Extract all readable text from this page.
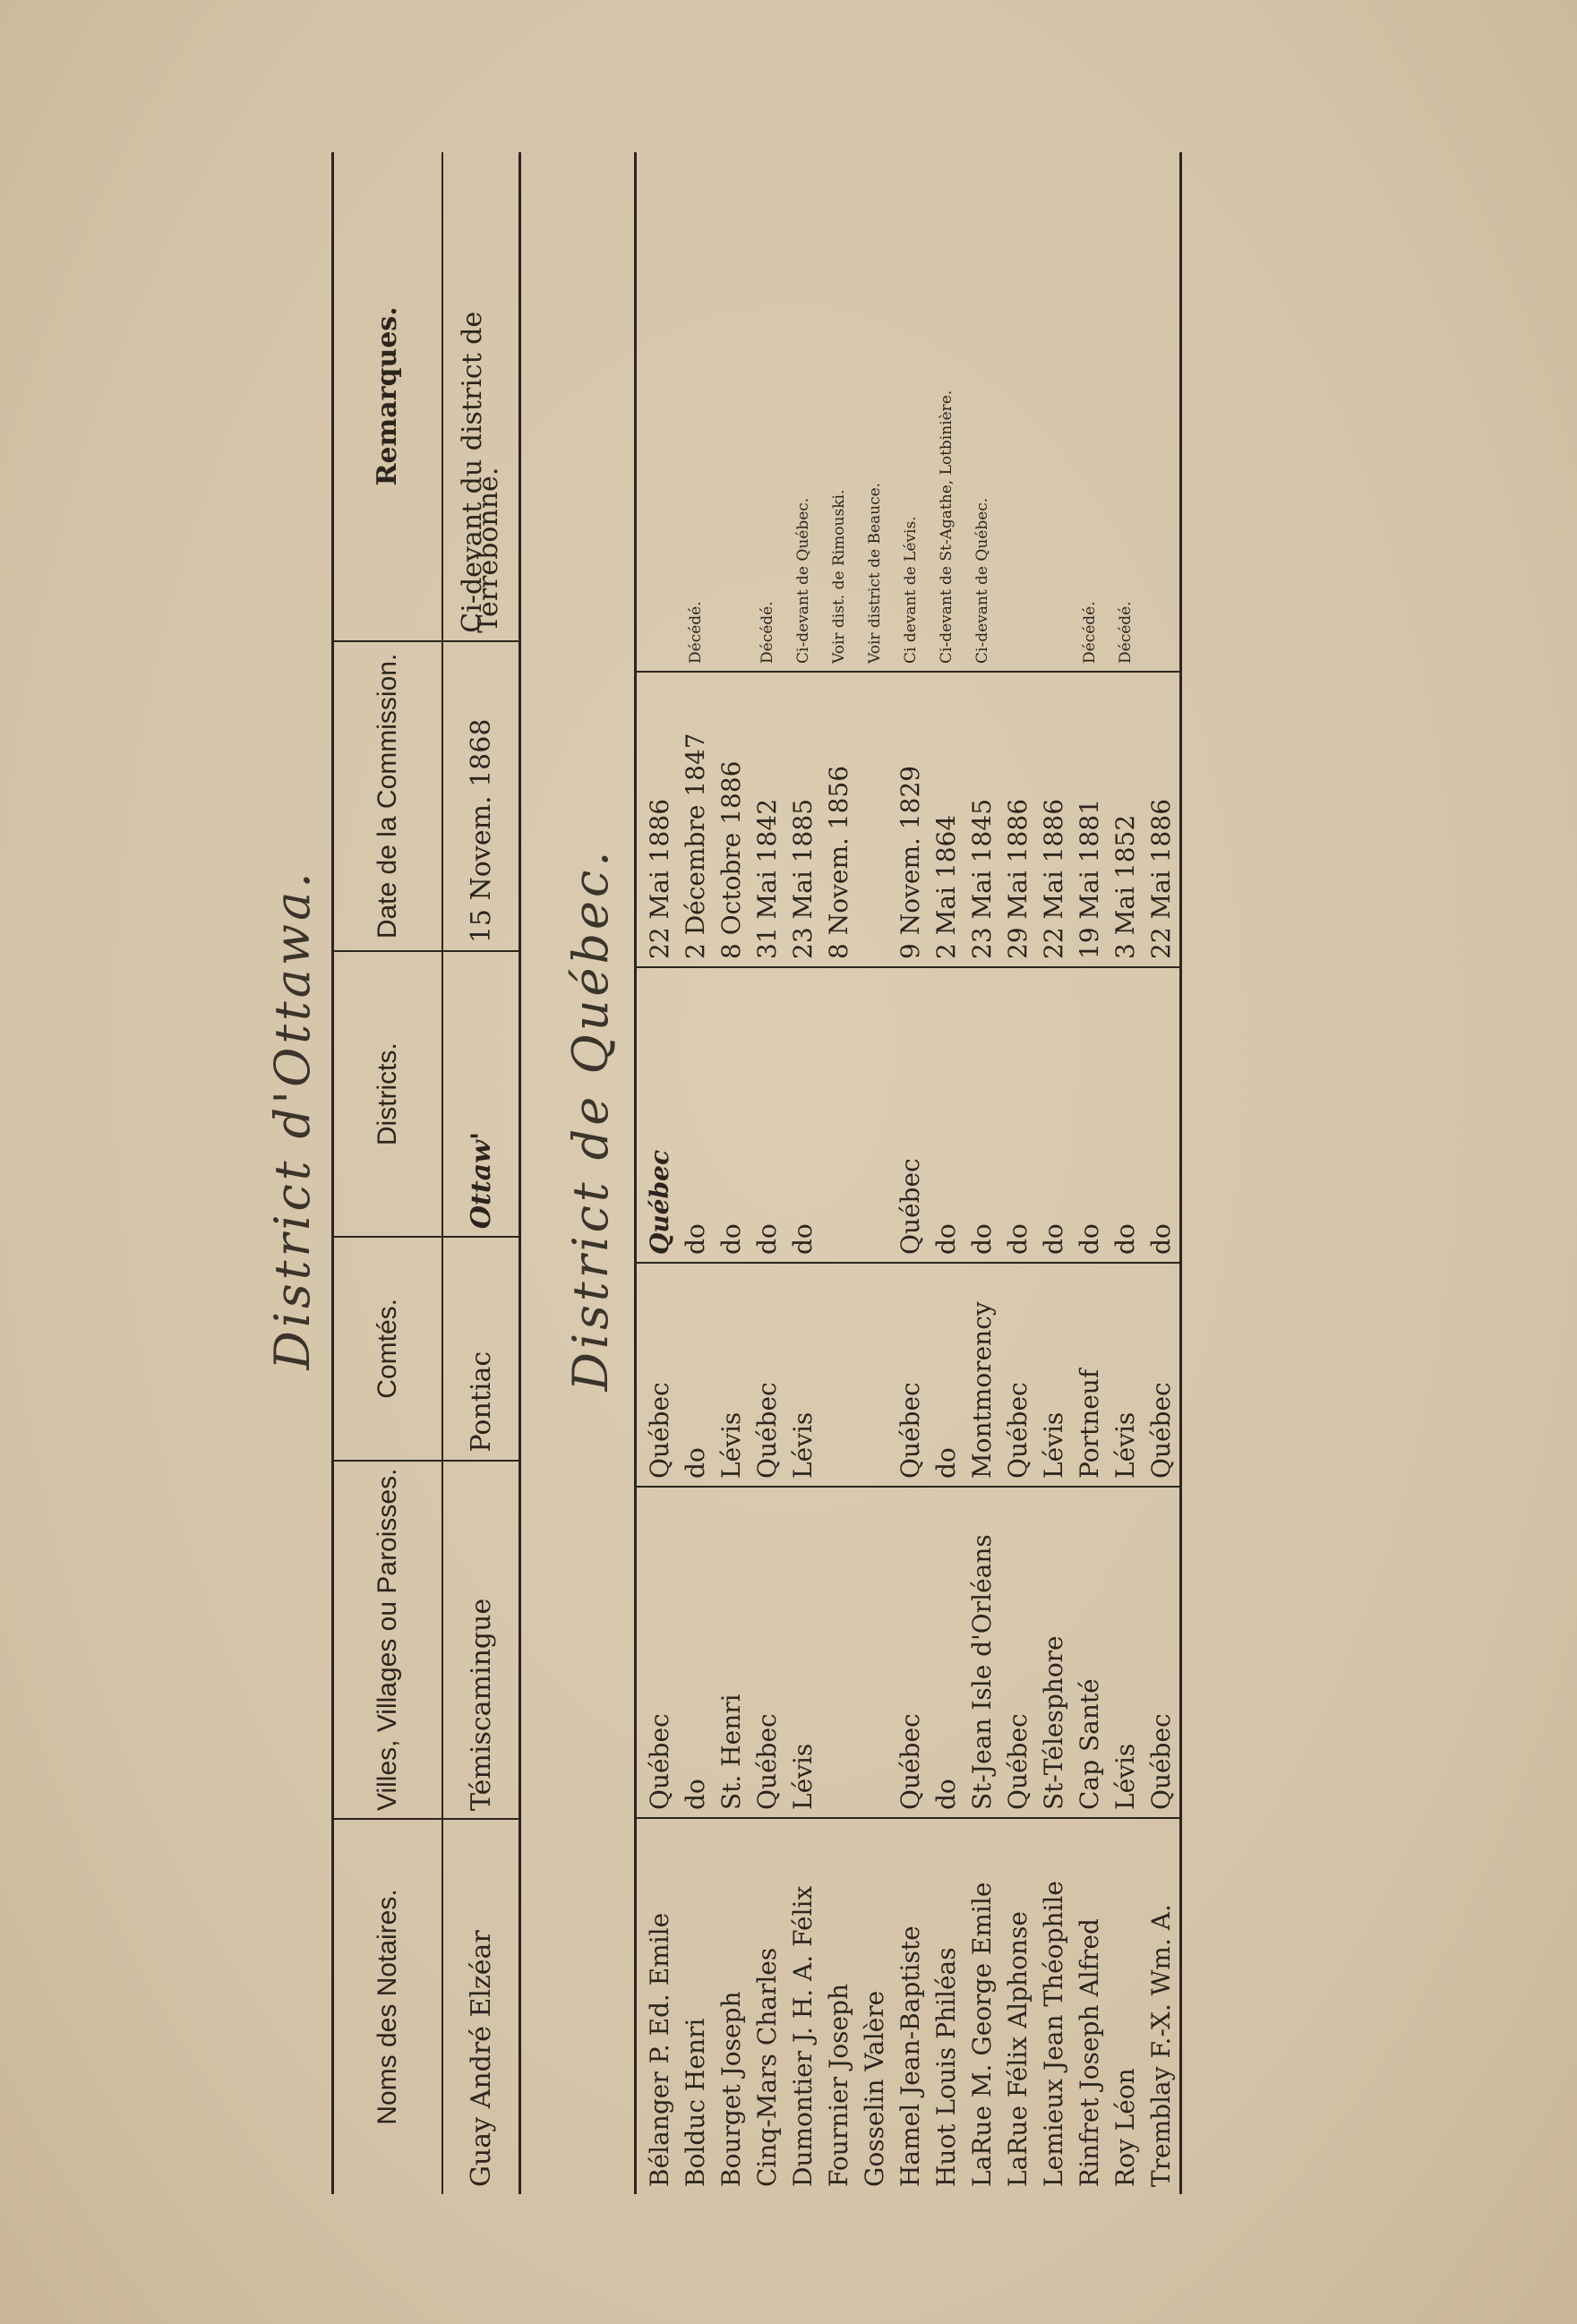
District d'Ottawa.
Noms des Notaires.	Villes, Villages ou Paroisses.	Comtés.	Districts.	Date de la Commission.	Remarques.
Guay André Elzéar	Témiscamingue	Pontiac	Ottaw'	15 Novem. 1868	Ci-devant du district de Terrebonne.
District de Québec.
Bélanger P. Ed. Emile	Québec	Québec	Québec	22 Mai 1886	
Bolduc Henri	do	do	do	2 Décembre 1847	Décédé.
Bourget Joseph	St. Henri	Lévis	do	8 Octobre 1886	
Cinq-Mars Charles	Québec	Québec	do	31 Mai 1842	Décédé.
Dumontier J. H. A. Félix	Lévis	Lévis	do	23 Mai 1885	Ci-devant de Québec.
Fournier Joseph				8 Novem. 1856	Voir dist. de Rimouski.
Gosselin Valère					Voir district de Beauce.
Hamel Jean-Baptiste	Québec	Québec	Québec	9 Novem. 1829	Ci devant de Lévis.
Huot Louis Philéas	do	do	do	2 Mai 1864	Ci-devant de St-Agathe, Lotbinière.
LaRue M. George Emile	St-Jean Isle d'Orléans	Montmorency	do	23 Mai 1845	Ci-devant de Québec.
LaRue Félix Alphonse	Québec	Québec	do	29 Mai 1886	
Lemieux Jean Théophile	St-Télesphore	Lévis	do	22 Mai 1886	
Rinfret Joseph Alfred	Cap Santé	Portneuf	do	19 Mai 1881	Décédé.
Roy Léon	Lévis	Lévis	do	3 Mai 1852	Décédé.
Tremblay F.-X. Wm. A.	Québec	Québec	do	22 Mai 1886	
